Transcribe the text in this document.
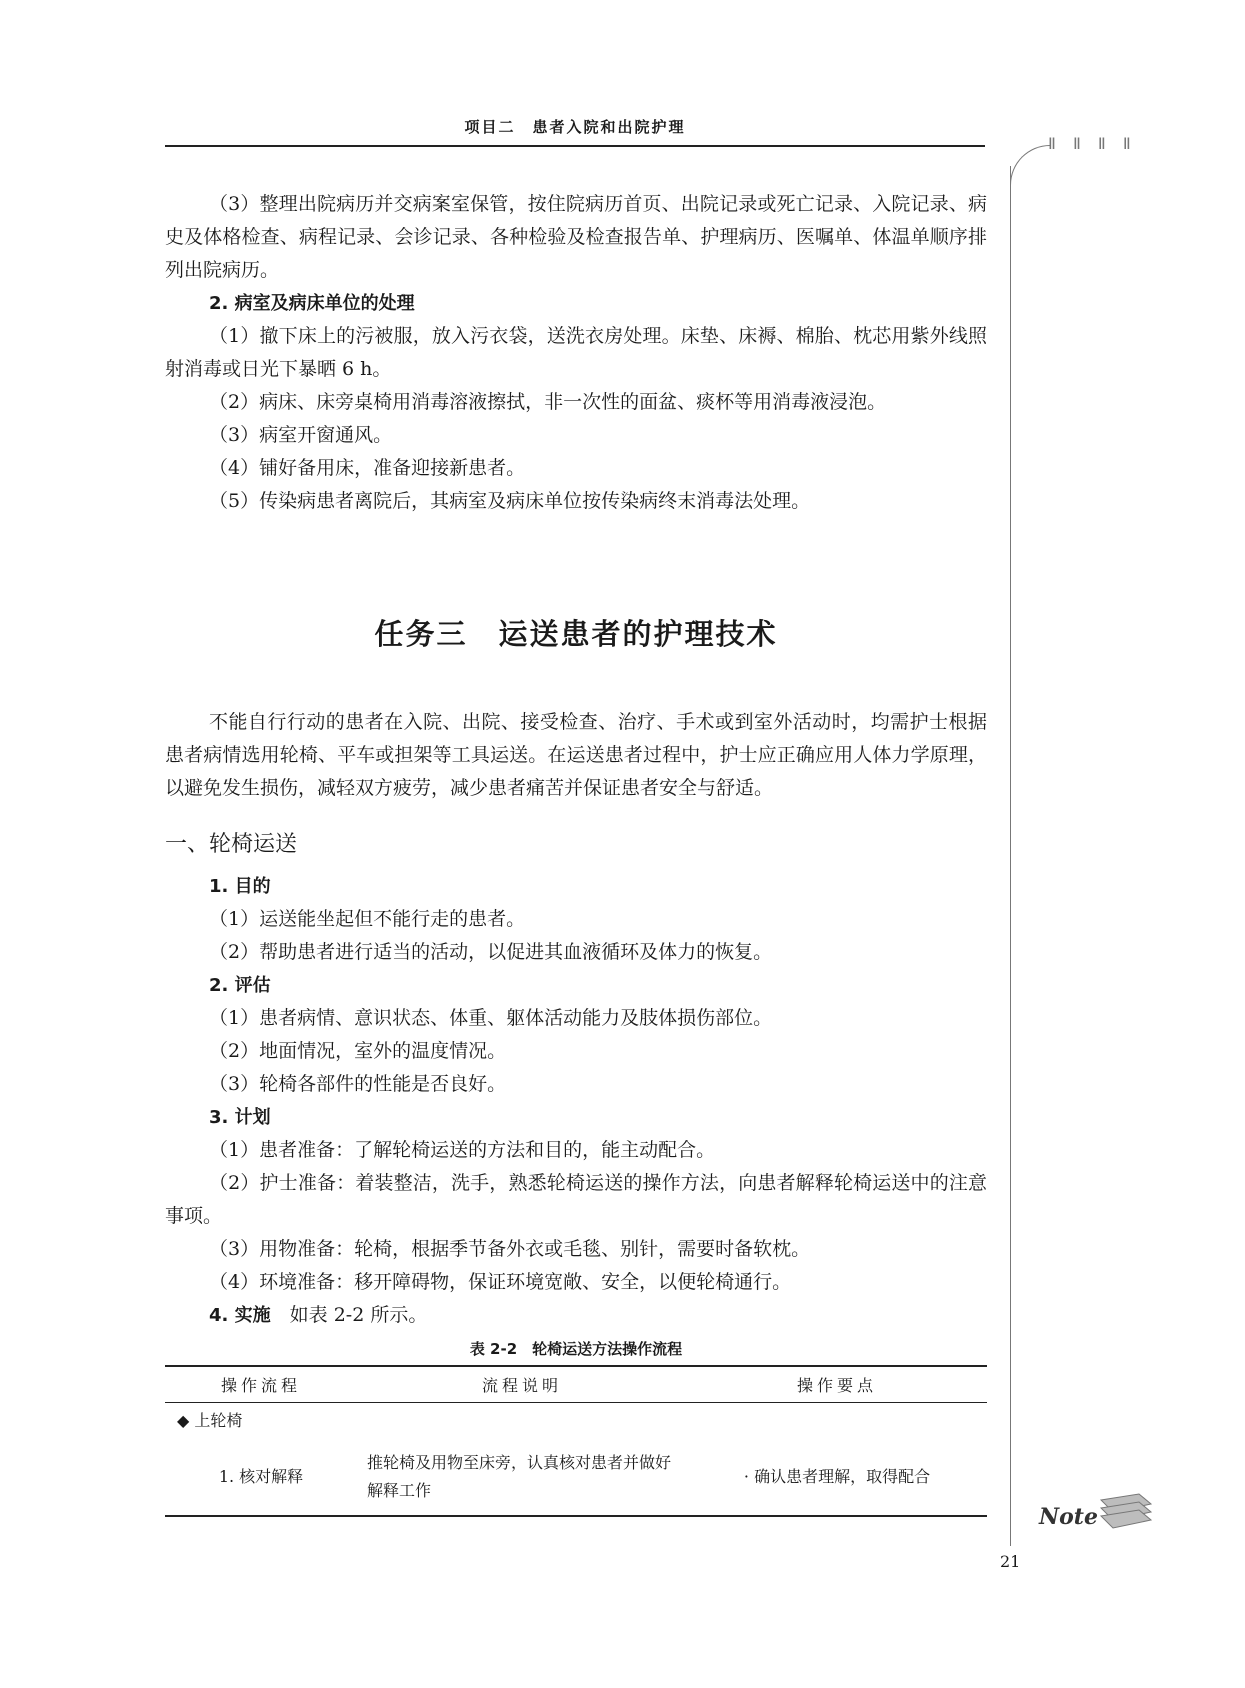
项目二　患者入院和出院护理
Ⅱ Ⅱ Ⅱ Ⅱ

（3）整理出院病历并交病案室保管，按住院病历首页、出院记录或死亡记录、入院记录、病史及体格检查、病程记录、会诊记录、各种检验及检查报告单、护理病历、医嘱单、体温单顺序排列出院病历。

2. 病室及病床单位的处理

（1）撤下床上的污被服，放入污衣袋，送洗衣房处理。床垫、床褥、棉胎、枕芯用紫外线照射消毒或日光下暴晒 6 h。

（2）病床、床旁桌椅用消毒溶液擦拭，非一次性的面盆、痰杯等用消毒液浸泡。

（3）病室开窗通风。

（4）铺好备用床，准备迎接新患者。

（5）传染病患者离院后，其病室及病床单位按传染病终末消毒法处理。

任务三　运送患者的护理技术

不能自行行动的患者在入院、出院、接受检查、治疗、手术或到室外活动时，均需护士根据患者病情选用轮椅、平车或担架等工具运送。在运送患者过程中，护士应正确应用人体力学原理，以避免发生损伤，减轻双方疲劳，减少患者痛苦并保证患者安全与舒适。

一、轮椅运送

1. 目的

（1）运送能坐起但不能行走的患者。

（2）帮助患者进行适当的活动，以促进其血液循环及体力的恢复。

2. 评估

（1）患者病情、意识状态、体重、躯体活动能力及肢体损伤部位。

（2）地面情况，室外的温度情况。

（3）轮椅各部件的性能是否良好。

3. 计划

（1）患者准备：了解轮椅运送的方法和目的，能主动配合。

（2）护士准备：着装整洁，洗手，熟悉轮椅运送的操作方法，向患者解释轮椅运送中的注意事项。

（3）用物准备：轮椅，根据季节备外衣或毛毯、别针，需要时备软枕。

（4）环境准备：移开障碍物，保证环境宽敞、安全，以便轮椅通行。

4. 实施　 如表 2-2 所示。

表 2-2　轮椅运送方法操作流程
操作流程	流程说明	操作要点
◆ 上轮椅		
1. 核对解释	推轮椅及用物至床旁，认真核对患者并做好解释工作	· 确认患者理解，取得配合
Note
21
